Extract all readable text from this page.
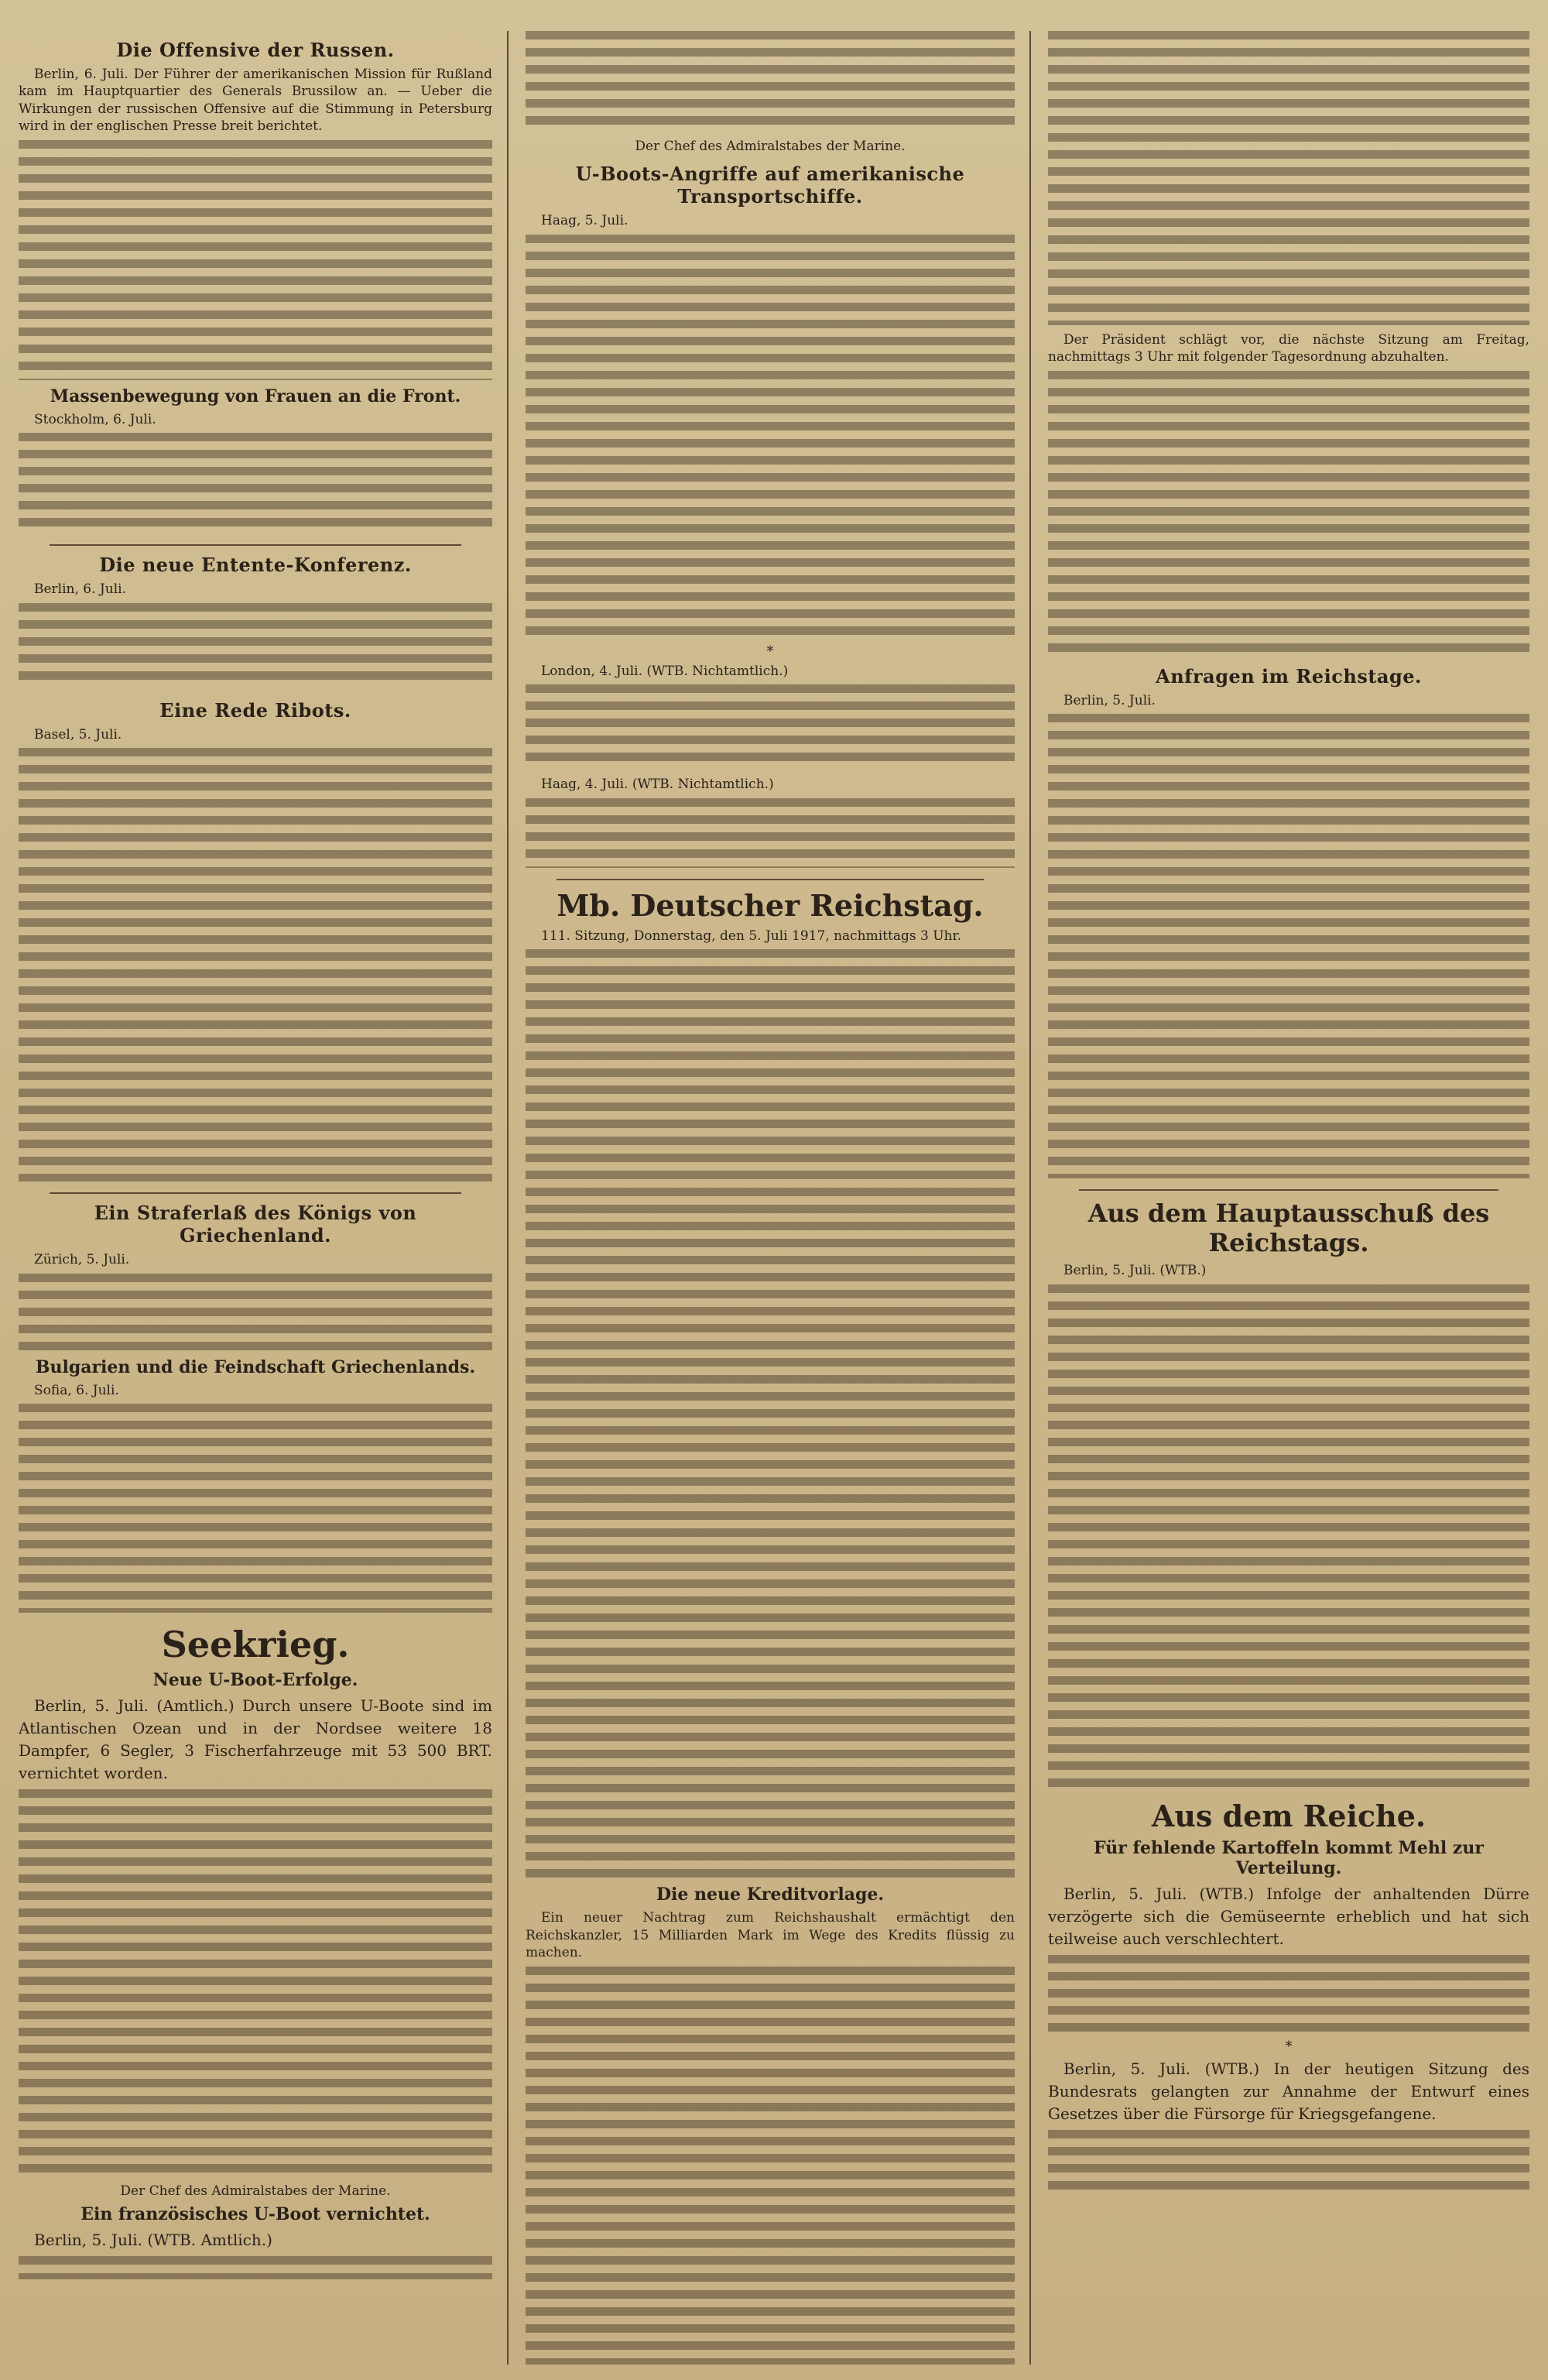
Die Offensive der Russen.

Berlin, 6. Juli. Der Führer der amerikanischen Mission für Rußland kam im Hauptquartier des Generals Brussilow an. — Ueber die Wirkungen der russischen Offensive auf die Stimmung in Petersburg wird in der englischen Presse breit berichtet.

Massenbewegung von Frauen an die Front.

Stockholm, 6. Juli.

Die neue Entente-Konferenz.

Berlin, 6. Juli.

Eine Rede Ribots.

Basel, 5. Juli.

Ein Straferlaß des Königs von Griechenland.

Zürich, 5. Juli.

Bulgarien und die Feindschaft Griechenlands.

Sofia, 6. Juli.

Seekrieg.
Neue U-Boot-Erfolge.

Berlin, 5. Juli. (Amtlich.) Durch unsere U-Boote sind im Atlantischen Ozean und in der Nordsee weitere 18 Dampfer, 6 Segler, 3 Fischerfahrzeuge mit 53 500 BRT. vernichtet worden.

Der Chef des Admiralstabes der Marine.

Ein französisches U-Boot vernichtet.

Berlin, 5. Juli. (WTB. Amtlich.)

Der Chef des Admiralstabes der Marine.

U-Boots-Angriffe auf amerikanische Transportschiffe.

Haag, 5. Juli.

*

London, 4. Juli. (WTB. Nichtamtlich.)

Haag, 4. Juli. (WTB. Nichtamtlich.)

Mb. Deutscher Reichstag.

111. Sitzung, Donnerstag, den 5. Juli 1917, nachmittags 3 Uhr.

Die neue Kreditvorlage.

Ein neuer Nachtrag zum Reichshaushalt ermächtigt den Reichskanzler, 15 Milliarden Mark im Wege des Kredits flüssig zu machen.

Der Präsident schlägt vor, die nächste Sitzung am Freitag, nachmittags 3 Uhr mit folgender Tagesordnung abzuhalten.

Anfragen im Reichstage.

Berlin, 5. Juli.

Aus dem Hauptausschuß des Reichstags.

Berlin, 5. Juli. (WTB.)

Aus dem Reiche.
Für fehlende Kartoffeln kommt Mehl zur Verteilung.

Berlin, 5. Juli. (WTB.) Infolge der anhaltenden Dürre verzögerte sich die Gemüseernte erheblich und hat sich teilweise auch verschlechtert.

*

Berlin, 5. Juli. (WTB.) In der heutigen Sitzung des Bundesrats gelangten zur Annahme der Entwurf eines Gesetzes über die Fürsorge für Kriegsgefangene.
